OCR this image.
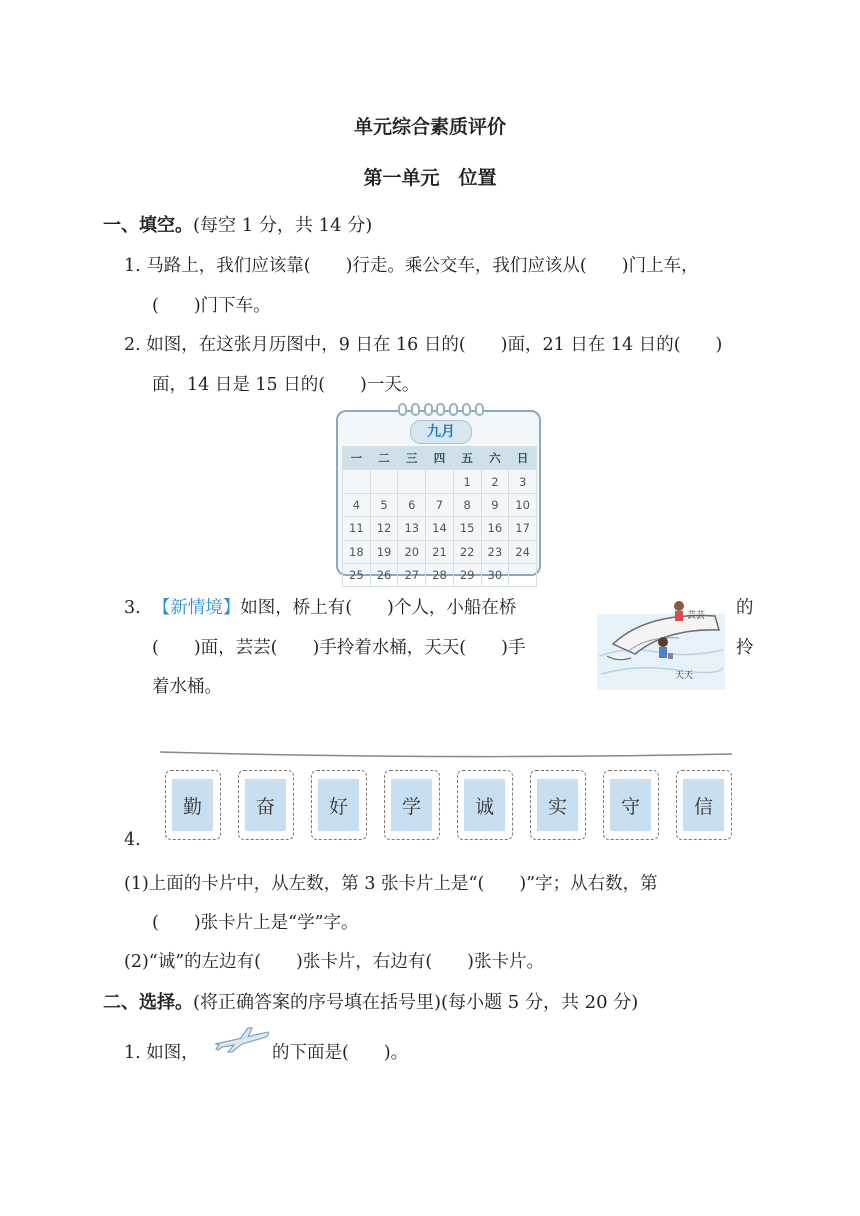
单元综合素质评价
第一单元　位置
一、填空。(每空 1 分，共 14 分)
1. 马路上，我们应该靠(　　)行走。乘公交车，我们应该从(　　)门上车，
(　　)门下车。
2. 如图，在这张月历图中，9 日在 16 日的(　　)面，21 日在 14 日的(　　)
面，14 日是 15 日的(　　)一天。
九月
一	二	三	四	五	六	日
				1	2	3
4	5	6	7	8	9	10
11	12	13	14	15	16	17
18	19	20	21	22	23	24
25	26	27	28	29	30	
3. 【新情境】如图，桥上有(　　)个人，小船在桥	的
(　　)面，芸芸(　　)手拎着水桶，天天(　　)手	拎
着水桶。
芸芸
天天
勤	奋	好	学	诚	实	守	信
4.
(1)上面的卡片中，从左数，第 3 张卡片上是“(　　)”字；从右数，第
(　　)张卡片上是“学”字。
(2)“诚”的左边有(　　)张卡片，右边有(　　)张卡片。
二、选择。(将正确答案的序号填在括号里)(每小题 5 分，共 20 分)
1. 如图，	的下面是(　　)。
